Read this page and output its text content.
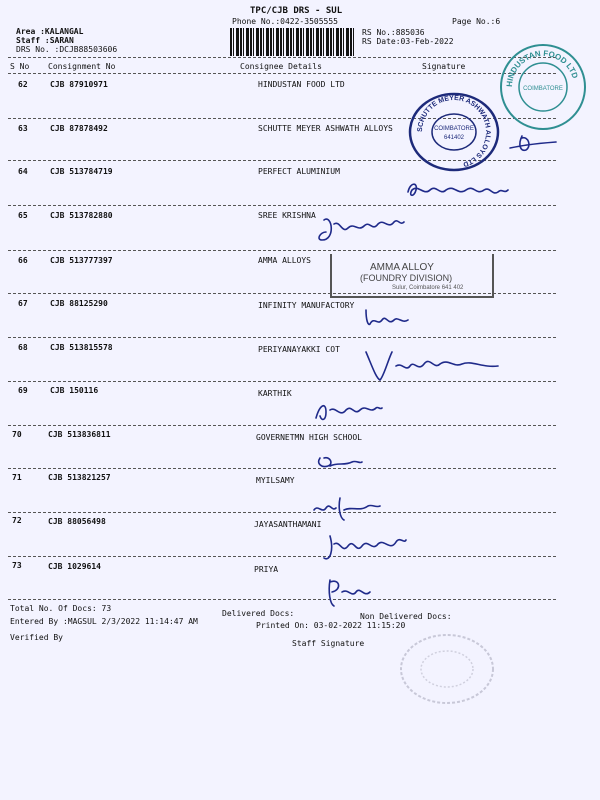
TPC/CJB DRS - SUL
Phone No.:0422-3505555	Page No.:6
Area :KALANGAL
Staff :SARAN
DRS No. :DCJB88503606
RS No.:885036
RS Date:03-Feb-2022
S No Consignment No	Consignee Details	Signature
62	CJB 87910971	HINDUSTAN FOOD LTD
63	CJB 87878492	SCHUTTE MEYER ASHWATH ALLOYS
64	CJB 513784719	PERFECT ALUMINIUM
65	CJB 513782880	SREE KRISHNA
66	CJB 513777397	AMMA ALLOYS
67	CJB 88125290	INFINITY MANUFACTORY
68	CJB 513815578	PERIYANAYAKKI COT
69	CJB 150116	KARTHIK
70	CJB 513836811	GOVERNETMN HIGH SCHOOL
71	CJB 513821257	MYILSAMY
72	CJB 88056498	JAYASANTHAMANI
73	CJB 1029614	PRIYA
Total No. Of Docs: 73
Delivered Docs:	Non Delivered Docs:
Entered By :MAGSUL 2/3/2022 11:14:47 AM	Printed On: 03-02-2022 11:15:20
Verified By
Staff Signature
HINDUSTAN FOOD LTD
COIMBATORE
SCHUTTE MEYER ASHWATH ALLOYS LTD
COIMBATORE
641402
AMMA ALLOY
(FOUNDRY DIVISION)
Sulur, Coimbatore 641 402
